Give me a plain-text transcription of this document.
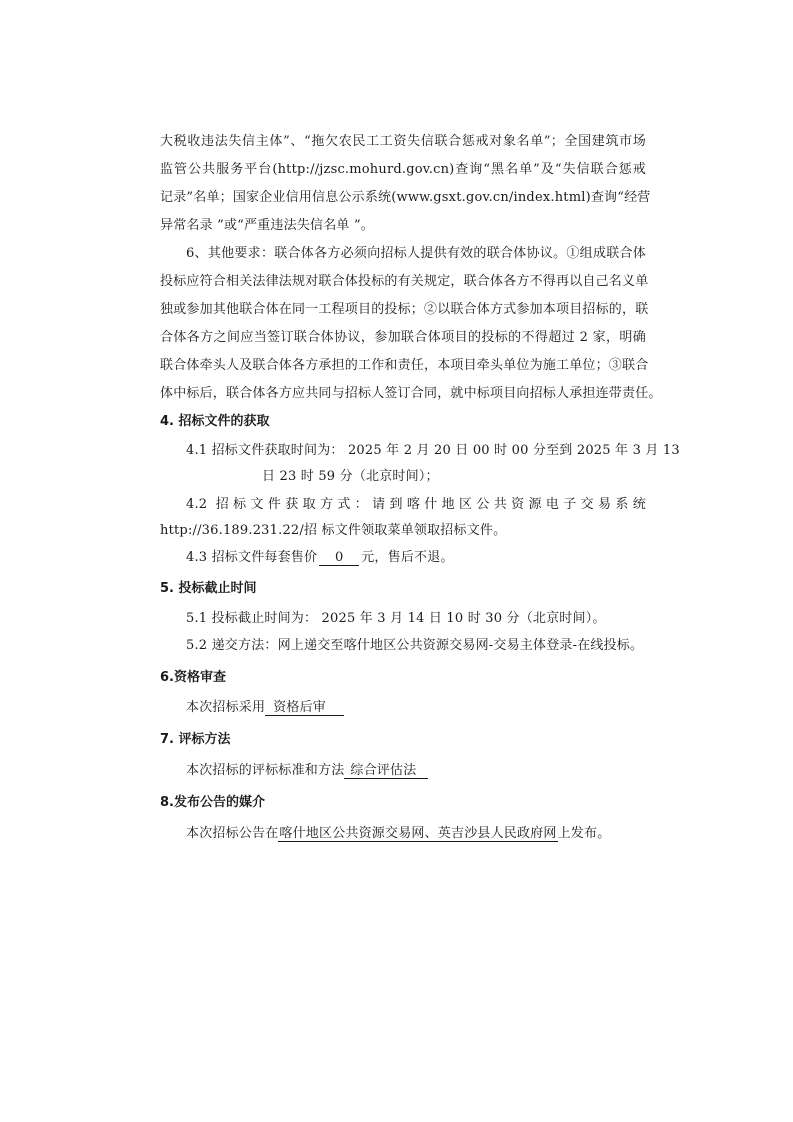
大税收违法失信主体”、“拖欠农民工工资失信联合惩戒对象名单”；全国建筑市场
监管公共服务平台(http://jzsc.mohurd.gov.cn)查询“黑名单”及“失信联合惩戒
记录”名单；国家企业信用信息公示系统(www.gsxt.gov.cn/index.html)查询“经营
异常名录 ”或“严重违法失信名单 ”。
6、其他要求：联合体各方必须向招标人提供有效的联合体协议。①组成联合体
投标应符合相关法律法规对联合体投标的有关规定，联合体各方不得再以自己名义单
独或参加其他联合体在同一工程项目的投标；②以联合体方式参加本项目招标的，联
合体各方之间应当签订联合体协议，参加联合体项目的投标的不得超过 2 家，明确
联合体牵头人及联合体各方承担的工作和责任，本项目牵头单位为施工单位；③联合
体中标后，联合体各方应共同与招标人签订合同，就中标项目向招标人承担连带责任。
4. 招标文件的获取
4.1 招标文件获取时间为： 2025 年 2 月 20 日 00 时 00 分至到 2025 年 3 月 13
日 23 时 59 分（北京时间）；
4.2 招标文件获取方式：请到喀什地区公共资源电子交易系统
http://36.189.231.22/招 标文件领取菜单领取招标文件。
4.3 招标文件每套售价 0 元，售后不退。
5. 投标截止时间
5.1 投标截止时间为： 2025 年 3 月 14 日 10 时 30 分（北京时间）。
5.2 递交方法：网上递交至喀什地区公共资源交易网-交易主体登录-在线投标。
6.资格审查
本次招标采用 资格后审
7. 评标方法
本次招标的评标标准和方法 综合评估法
8.发布公告的媒介
本次招标公告在喀什地区公共资源交易网、英吉沙县人民政府网上发布。
